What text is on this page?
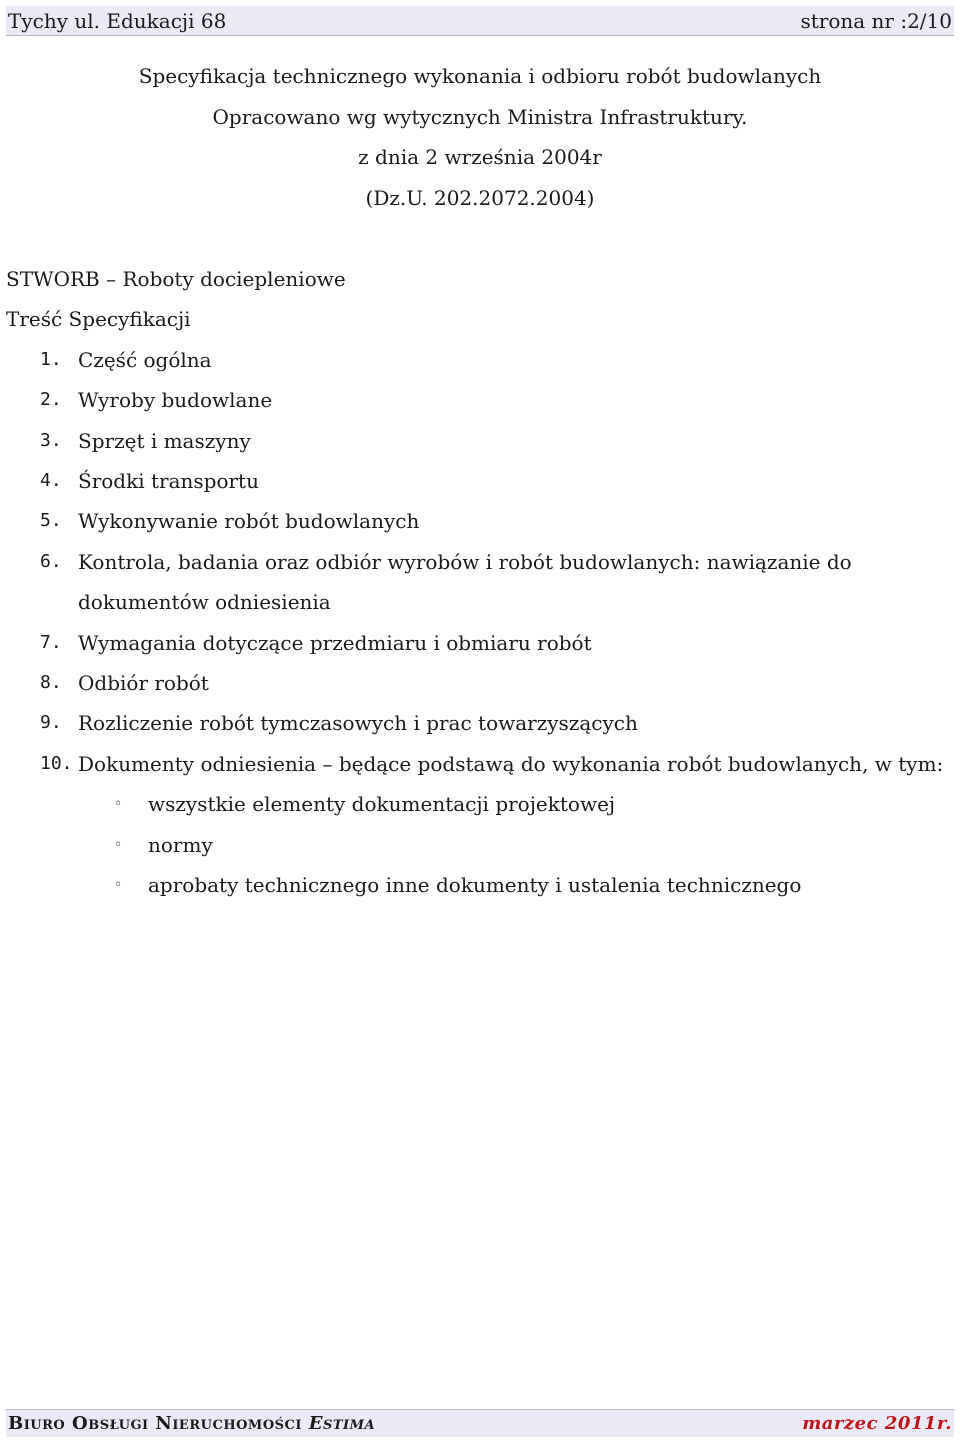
Tychy ul. Edukacji 68	strona nr :2/10
Specyfikacja technicznego wykonania i odbioru robót budowlanych
Opracowano wg wytycznych Ministra Infrastruktury.
z dnia 2 września 2004r
(Dz.U. 202.2072.2004)

STWORB – Roboty dociepleniowe

Treść Specyfikacji

1. Część ogólna
2. Wyroby budowlane
3. Sprzęt i maszyny
4. Środki transportu
5. Wykonywanie robót budowlanych
6. Kontrola, badania oraz odbiór wyrobów i robót budowlanych: nawiązanie do dokumentów odniesienia
7. Wymagania dotyczące przedmiaru i obmiaru robót
8. Odbiór robót
9. Rozliczenie robót tymczasowych i prac towarzyszących
10. Dokumenty odniesienia – będące podstawą do wykonania robót budowlanych, w tym:
◦	wszystkie elementy dokumentacji projektowej
◦	normy
◦	aprobaty technicznego inne dokumenty i ustalenia technicznego
Biuro Obsługi Nieruchomości Estima	marzec 2011r.
